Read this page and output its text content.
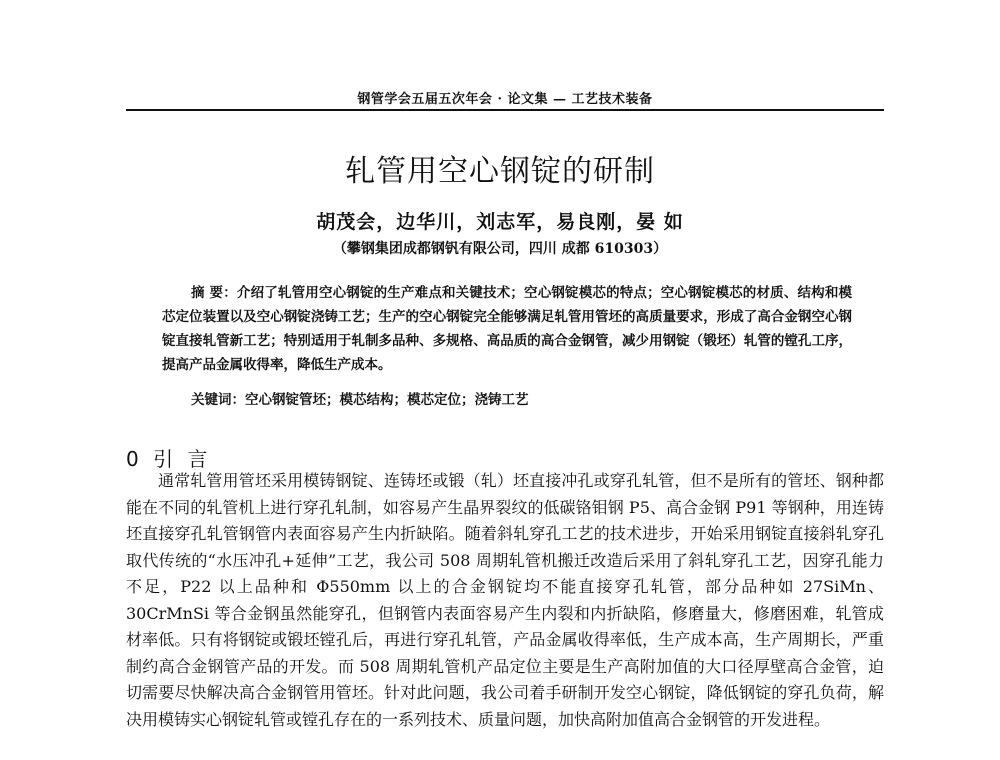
钢管学会五届五次年会 · 论文集 — 工艺技术装备
轧管用空心钢锭的研制
胡茂会，边华川，刘志军，易良刚，晏 如
（攀钢集团成都钢钒有限公司，四川 成都 610303）
摘 要：介绍了轧管用空心钢锭的生产难点和关键技术；空心钢锭模芯的特点；空心钢锭模芯的材质、结构和模芯定位装置以及空心钢锭浇铸工艺；生产的空心钢锭完全能够满足轧管用管坯的高质量要求，形成了高合金钢空心钢锭直接轧管新工艺；特别适用于轧制多品种、多规格、高品质的高合金钢管，减少用钢锭（锻坯）轧管的镗孔工序，提高产品金属收得率，降低生产成本。
关键词：空心钢锭管坯；模芯结构；模芯定位；浇铸工艺
0 引 言
通常轧管用管坯采用模铸钢锭、连铸坯或锻（轧）坯直接冲孔或穿孔轧管，但不是所有的管坯、钢种都能在不同的轧管机上进行穿孔轧制，如容易产生晶界裂纹的低碳铬钼钢 P5、高合金钢 P91 等钢种，用连铸坯直接穿孔轧管钢管内表面容易产生内折缺陷。随着斜轧穿孔工艺的技术进步，开始采用钢锭直接斜轧穿孔取代传统的“水压冲孔+延伸”工艺，我公司 508 周期轧管机搬迁改造后采用了斜轧穿孔工艺，因穿孔能力不足，P22 以上品种和 Φ550mm 以上的合金钢锭均不能直接穿孔轧管，部分品种如 27SiMn、30CrMnSi 等合金钢虽然能穿孔，但钢管内表面容易产生内裂和内折缺陷，修磨量大，修磨困难，轧管成材率低。只有将钢锭或锻坯镗孔后，再进行穿孔轧管，产品金属收得率低，生产成本高，生产周期长，严重制约高合金钢管产品的开发。而 508 周期轧管机产品定位主要是生产高附加值的大口径厚壁高合金管，迫切需要尽快解决高合金钢管用管坯。针对此问题，我公司着手研制开发空心钢锭，降低钢锭的穿孔负荷，解决用模铸实心钢锭轧管或镗孔存在的一系列技术、质量问题，加快高附加值高合金钢管的开发进程。
